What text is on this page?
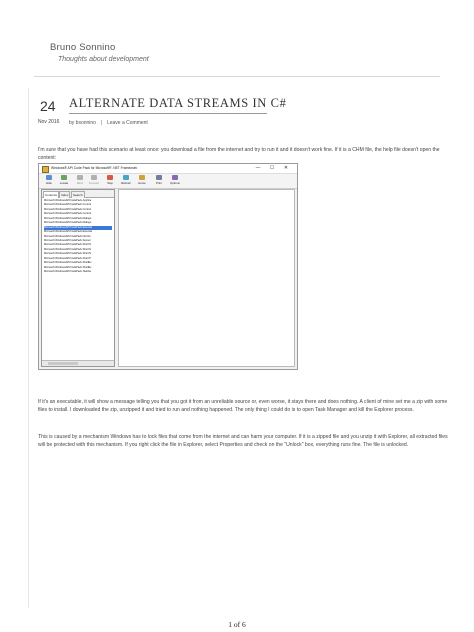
Bruno Sonnino
Thoughts about development
24
Nov 2016
ALTERNATE DATA STREAMS IN C#
by bsonnino Leave a Comment

I'm sure that you have had this scenario at least once: you download a file from the internet and try to run it and it doesn't work fine. If it is a CHM file, the help file doesn't open the content:

Windows® API Code Pack for Microsoft® .NET Framework	— ☐ ✕
Hide	Locate	Back	Forward	Stop	Refresh	Home	Print	Options
Contents	Index	Search
Microsoft.WindowsAPICodePack.Applica
Microsoft.WindowsAPICodePack.Control
Microsoft.WindowsAPICodePack.Control
Microsoft.WindowsAPICodePack.Control
Microsoft.WindowsAPICodePack.Dialogs
Microsoft.WindowsAPICodePack.Dialogs
Microsoft.WindowsAPICodePack.Extende
Microsoft.WindowsAPICodePack.Extende
Microsoft.WindowsAPICodePack.Net.Ne
Microsoft.WindowsAPICodePack.Sensor
Microsoft.WindowsAPICodePack.Shell.N
Microsoft.WindowsAPICodePack.Shell.N
Microsoft.WindowsAPICodePack.Shell.N
Microsoft.WindowsAPICodePack.Shell.P
Microsoft.WindowsAPICodePack.ShellEx
Microsoft.WindowsAPICodePack.ShellEx
Microsoft.WindowsAPICodePack.Taskba

If it's an executable, it will show a message telling you that you got it from an unreliable source or, even worse, it stays there and does nothing. A client of mine set me a zip with some files to install. I downloaded the zip, unzipped it and tried to run and nothing happened. The only thing I could do is to open Task Manager and kill the Explorer process.

This is caused by a mechanism Windows has to lock files that come from the internet and can harm your computer. If it is a zipped file and you unzip it with Explorer, all extracted files will be protected with this mechanism. If you right click the file in Explorer, select Properties and check on the "Unlock" box, everything runs fine. The file is unlocked.

1 of 6
